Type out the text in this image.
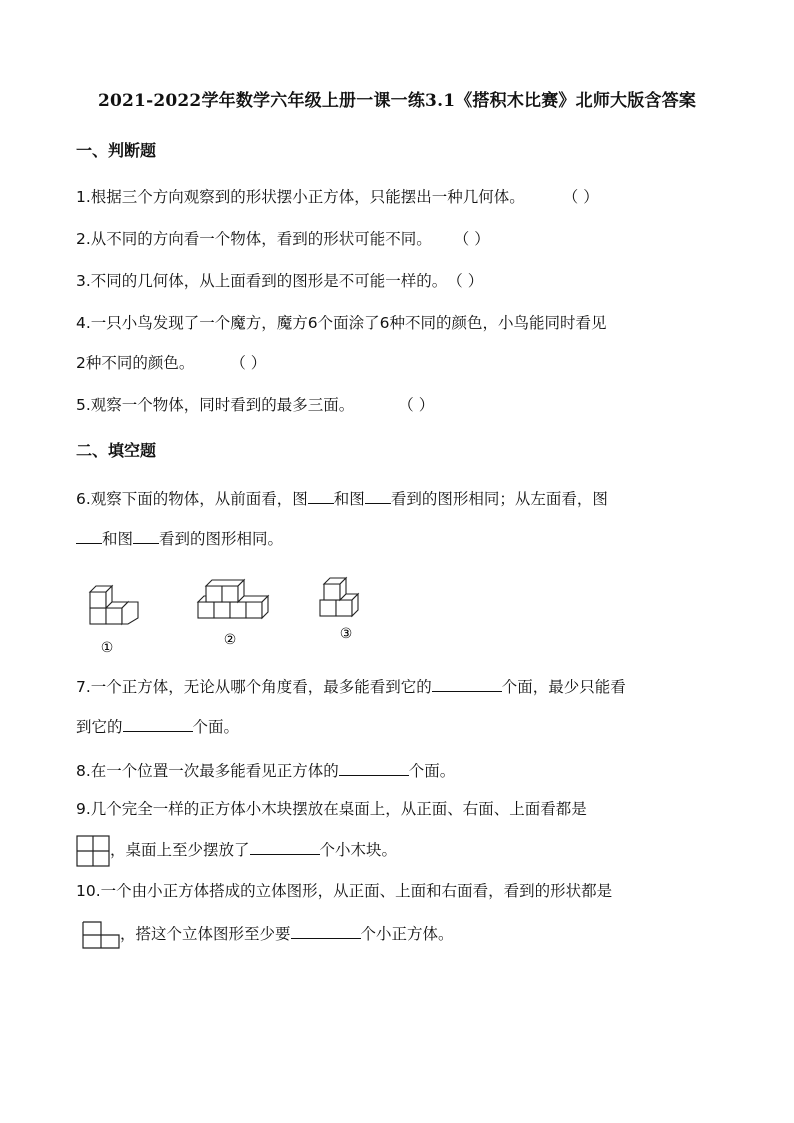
2021-2022学年数学六年级上册一课一练3.1《搭积木比赛》北师大版含答案
一、判断题
1.根据三个方向观察到的形状摆小正方体，只能摆出一种几何体。 （ ）
2.从不同的方向看一个物体，看到的形状可能不同。 （ ）
3.不同的几何体，从上面看到的图形是不可能一样的。（ ）
4.一只小鸟发现了一个魔方，魔方6个面涂了6种不同的颜色，小鸟能同时看见
2种不同的颜色。 （ ）
5.观察一个物体，同时看到的最多三面。	（ ）
二、填空题
6.观察下面的物体，从前面看，图 和图 看到的图形相同；从左面看，图
和图 看到的图形相同。
①	②	③
7.一个正方体，无论从哪个角度看，最多能看到它的	个面，最少只能看
到它的	个面。
8.在一个位置一次最多能看见正方体的	个面。
9.几个完全一样的正方体小木块摆放在桌面上，从正面、右面、上面看都是
，桌面上至少摆放了	个小木块。
10.一个由小正方体搭成的立体图形，从正面、上面和右面看，看到的形状都是
，搭这个立体图形至少要	个小正方体。
